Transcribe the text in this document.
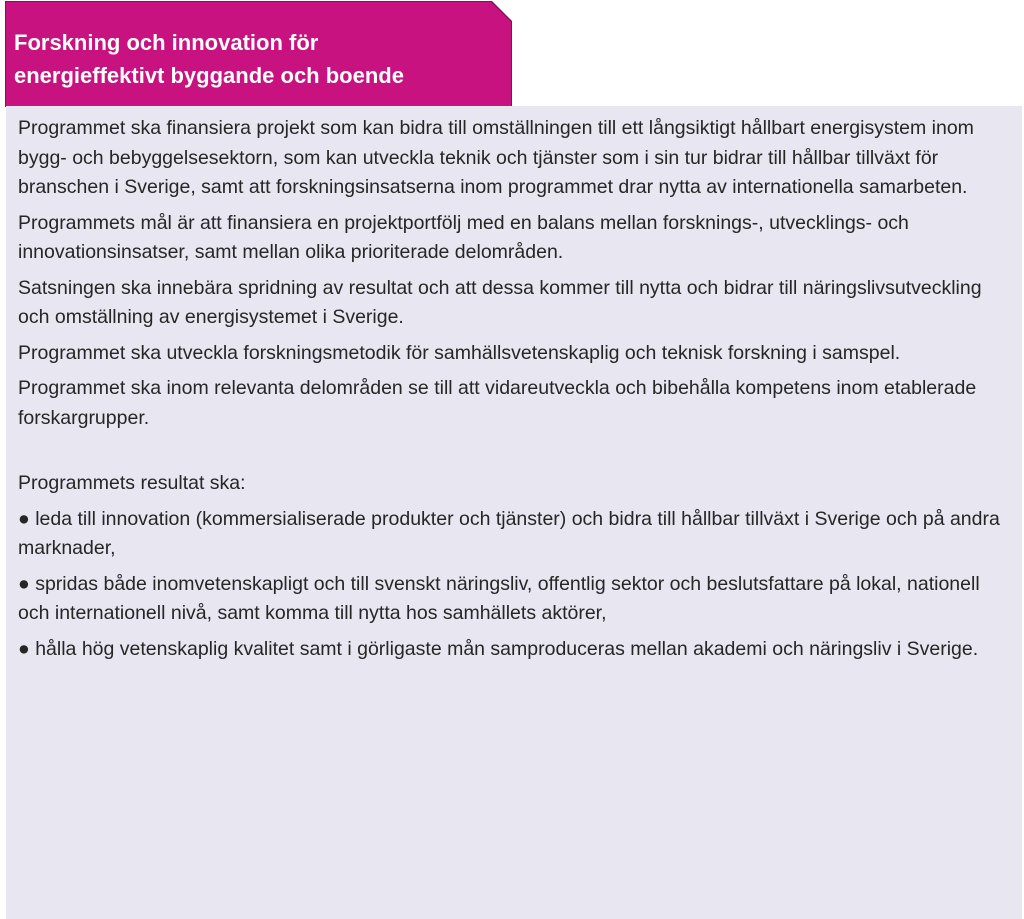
Forskning och innovation för
energieffektivt byggande och boende

Programmet ska finansiera projekt som kan bidra till omställningen till ett långsiktigt hållbart energisystem inom bygg- och bebyggelsesektorn, som kan utveckla teknik och tjänster som i sin tur bidrar till hållbar tillväxt för branschen i Sverige, samt att forskningsinsatserna inom programmet drar nytta av internationella samarbeten.

Programmets mål är att finansiera en projektportfölj med en balans mellan forsknings-, utvecklings- och innovationsinsatser, samt mellan olika prioriterade delområden.

Satsningen ska innebära spridning av resultat och att dessa kommer till nytta och bidrar till näringslivsutveckling och omställning av energisystemet i Sverige.

Programmet ska utveckla forskningsmetodik för samhällsvetenskaplig och teknisk forskning i samspel.

Programmet ska inom relevanta delområden se till att vidareutveckla och bibehålla kompetens inom etablerade forskargrupper.

Programmets resultat ska:

● leda till innovation (kommersialiserade produkter och tjänster) och bidra till hållbar tillväxt i Sverige och på andra marknader,

● spridas både inomvetenskapligt och till svenskt näringsliv, offentlig sektor och beslutsfattare på lokal, nationell och internationell nivå, samt komma till nytta hos samhällets aktörer,

● hålla hög vetenskaplig kvalitet samt i görligaste mån samproduceras mellan akademi och näringsliv i Sverige.
